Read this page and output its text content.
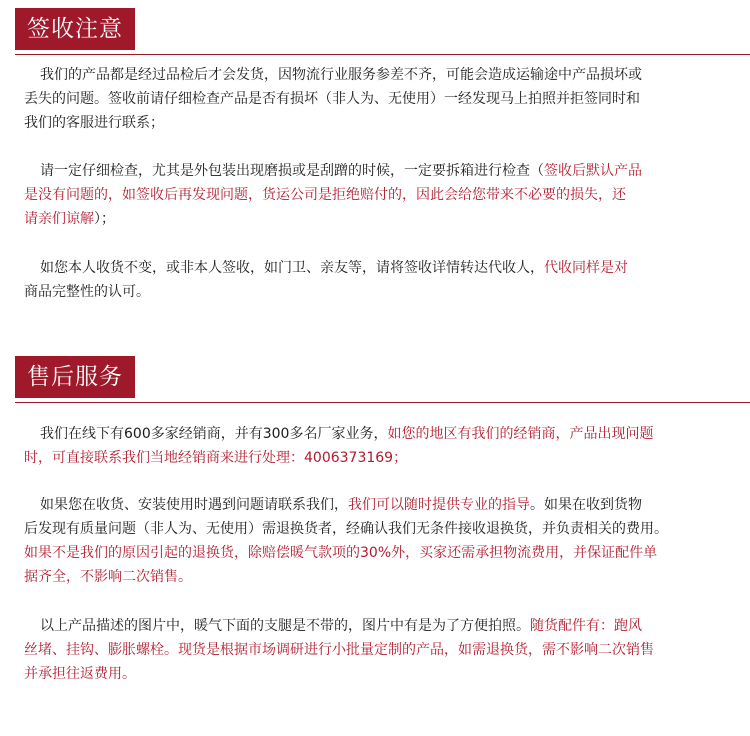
签收注意
我们的产品都是经过品检后才会发货，因物流行业服务参差不齐，可能会造成运输途中产品损坏或
丢失的问题。签收前请仔细检查产品是否有损坏（非人为、无使用）一经发现马上拍照并拒签同时和
我们的客服进行联系；
请一定仔细检查，尤其是外包装出现磨损或是刮蹭的时候，一定要拆箱进行检查（签收后默认产品
是没有问题的，如签收后再发现问题，货运公司是拒绝赔付的，因此会给您带来不必要的损失，还
请亲们谅解）；
如您本人收货不变，或非本人签收，如门卫、亲友等，请将签收详情转达代收人，代收同样是对
商品完整性的认可。
售后服务
我们在线下有600多家经销商，并有300多名厂家业务，如您的地区有我们的经销商，产品出现问题
时，可直接联系我们当地经销商来进行处理：4006373169；
如果您在收货、安装使用时遇到问题请联系我们，我们可以随时提供专业的指导。如果在收到货物
后发现有质量问题（非人为、无使用）需退换货者，经确认我们无条件接收退换货，并负责相关的费用。
如果不是我们的原因引起的退换货，除赔偿暖气款项的30%外，买家还需承担物流费用，并保证配件单
据齐全，不影响二次销售。
以上产品描述的图片中，暖气下面的支腿是不带的，图片中有是为了方便拍照。随货配件有：跑风
丝堵、挂钩、膨胀螺栓。现货是根据市场调研进行小批量定制的产品，如需退换货，需不影响二次销售
并承担往返费用。
